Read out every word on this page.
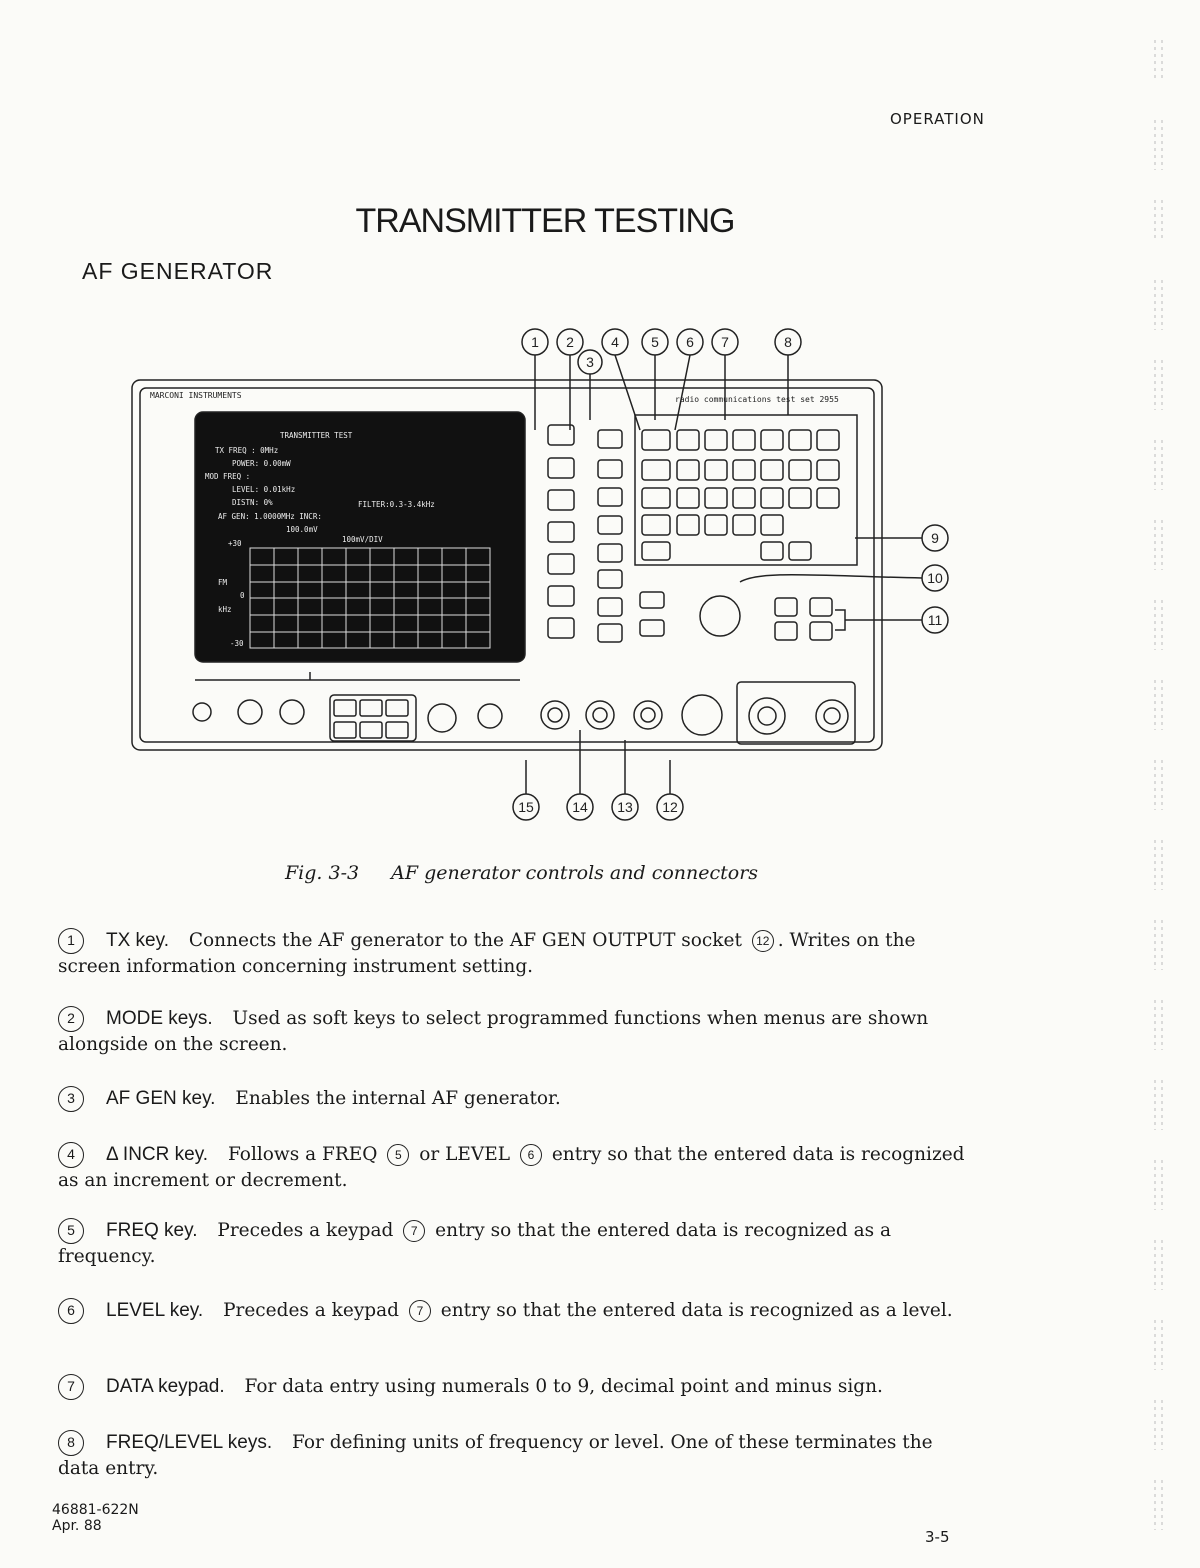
OPERATION
TRANSMITTER TESTING
AF GENERATOR
MARCONI INSTRUMENTS	radio communications test set 2955
TRANSMITTER TEST
TX FREQ : 0MHz
POWER: 0.00mW
MOD FREQ :
LEVEL: 0.01kHz
DISTN: 0%	FILTER:0.3-3.4kHz
AF GEN: 1.0000MHz INCR:
100.0mV
100mV/DIV
+30
FM
0
kHz
-30
1 2
3
4 5 6 7	8
9
10
11
15	14 13 12
Fig. 3-3 AF generator controls and connectors
1 TX key. Connects the AF generator to the AF GEN OUTPUT socket 12 . Writes on the screen information concerning instrument setting.
2 MODE keys. Used as soft keys to select programmed functions when menus are shown alongside on the screen.
3 AF GEN key. Enables the internal AF generator.
4 Δ INCR key. Follows a FREQ 5 or LEVEL 6 entry so that the entered data is recognized as an increment or decrement.
5 FREQ key. Precedes a keypad 7 entry so that the entered data is recognized as a frequency.
6 LEVEL key. Precedes a keypad 7 entry so that the entered data is recognized as a level.
7 DATA keypad. For data entry using numerals 0 to 9, decimal point and minus sign.
8 FREQ/LEVEL keys. For defining units of frequency or level. One of these terminates the data entry.
46881-622N
Apr. 88
3-5
